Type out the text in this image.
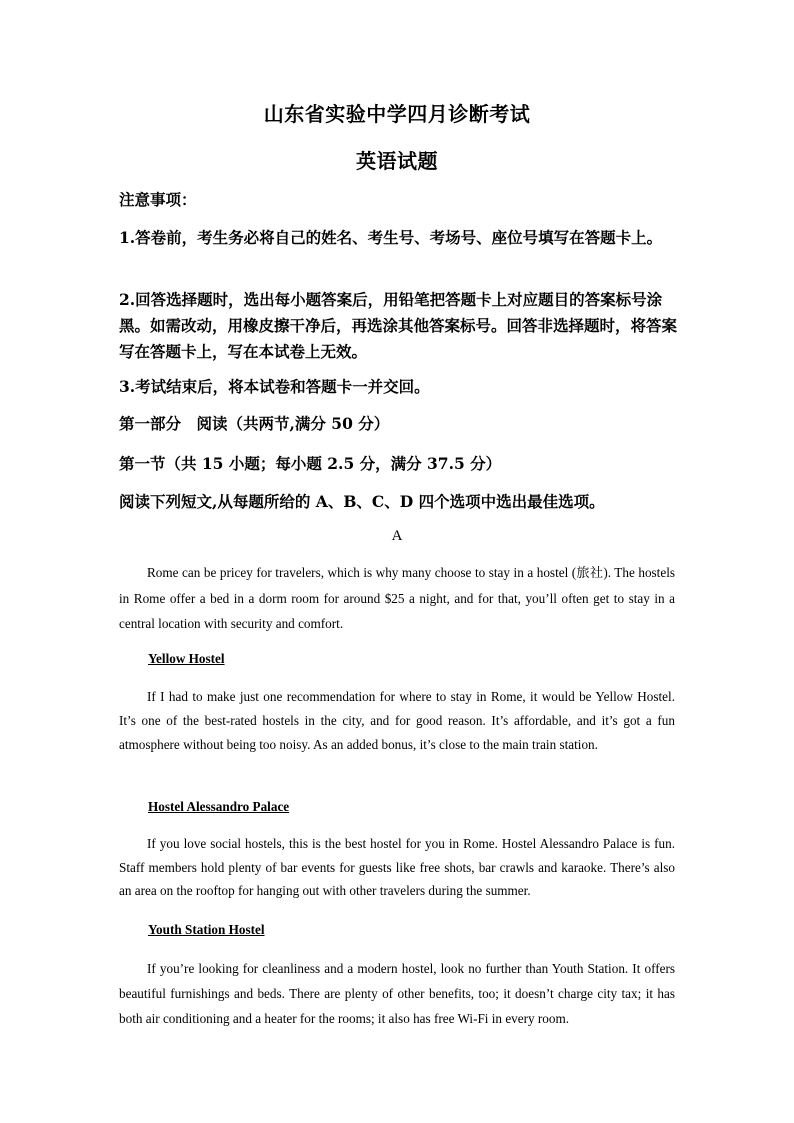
山东省实验中学四月诊断考试
英语试题
注意事项：
1.答卷前，考生务必将自己的姓名、考生号、考场号、座位号填写在答题卡上。
2.回答选择题时，选出每小题答案后，用铅笔把答题卡上对应题目的答案标号涂黑。如需改动，用橡皮擦干净后，再选涂其他答案标号。回答非选择题时，将答案写在答题卡上，写在本试卷上无效。
3.考试结束后，将本试卷和答题卡一并交回。
第一部分　阅读（共两节,满分 50 分）
第一节（共 15 小题；每小题 2.5 分，满分 37.5 分）
阅读下列短文,从每题所给的 A、B、C、D 四个选项中选出最佳选项。
A
Rome can be pricey for travelers, which is why many choose to stay in a hostel (旅社). The hostels in Rome offer a bed in a dorm room for around $25 a night, and for that, you’ll often get to stay in a central location with security and comfort.
Yellow Hostel
If I had to make just one recommendation for where to stay in Rome, it would be Yellow Hostel. It’s one of the best-rated hostels in the city, and for good reason. It’s affordable, and it’s got a fun atmosphere without being too noisy. As an added bonus, it’s close to the main train station.
Hostel Alessandro Palace
If you love social hostels, this is the best hostel for you in Rome. Hostel Alessandro Palace is fun. Staff members hold plenty of bar events for guests like free shots, bar crawls and karaoke. There’s also an area on the rooftop for hanging out with other travelers during the summer.
Youth Station Hostel
If you’re looking for cleanliness and a modern hostel, look no further than Youth Station. It offers beautiful furnishings and beds. There are plenty of other benefits, too; it doesn’t charge city tax; it has both air conditioning and a heater for the rooms; it also has free Wi-Fi in every room.
